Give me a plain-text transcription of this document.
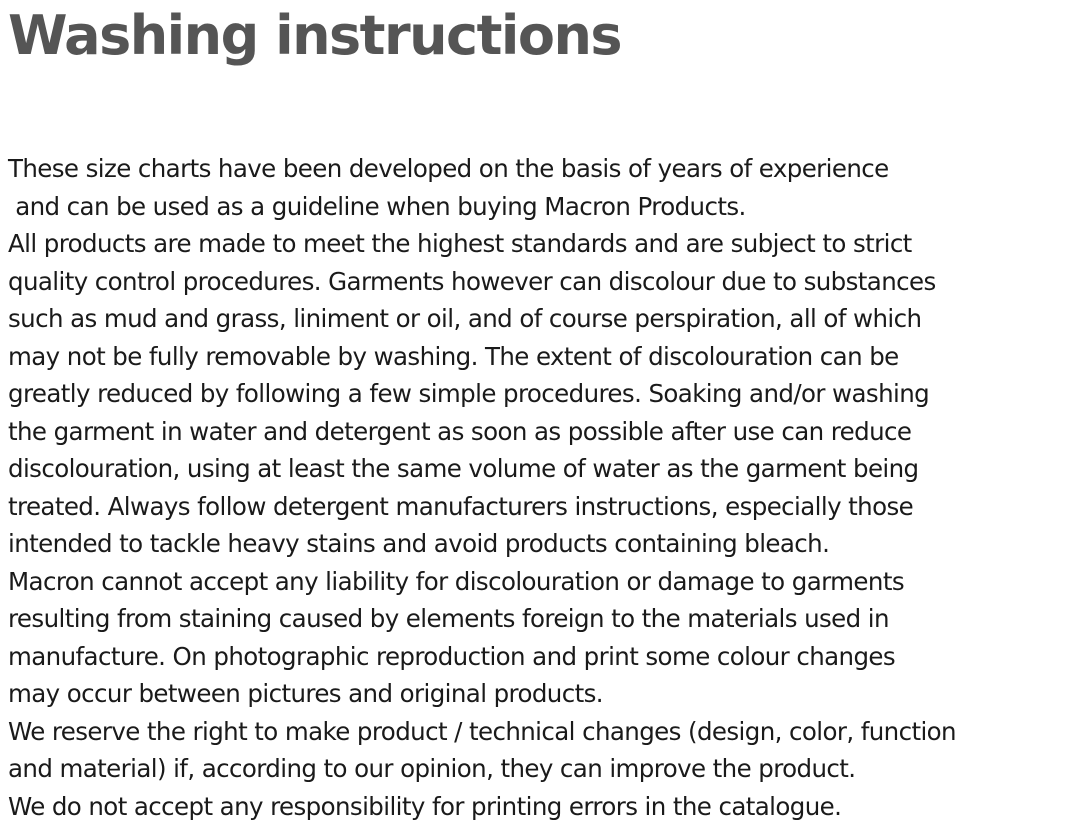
Washing instructions
These size charts have been developed on the basis of years of experience
and can be used as a guideline when buying Macron Products.
All products are made to meet the highest standards and are subject to strict
quality control procedures. Garments however can discolour due to substances
such as mud and grass, liniment or oil, and of course perspiration, all of which
may not be fully removable by washing. The extent of discolouration can be
greatly reduced by following a few simple procedures. Soaking and/or washing
the garment in water and detergent as soon as possible after use can reduce
discolouration, using at least the same volume of water as the garment being
treated. Always follow detergent manufacturers instructions, especially those
intended to tackle heavy stains and avoid products containing bleach.
Macron cannot accept any liability for discolouration or damage to garments
resulting from staining caused by elements foreign to the materials used in
manufacture. On photographic reproduction and print some colour changes
may occur between pictures and original products.
We reserve the right to make product / technical changes (design, color, function
and material) if, according to our opinion, they can improve the product.
We do not accept any responsibility for printing errors in the catalogue.
